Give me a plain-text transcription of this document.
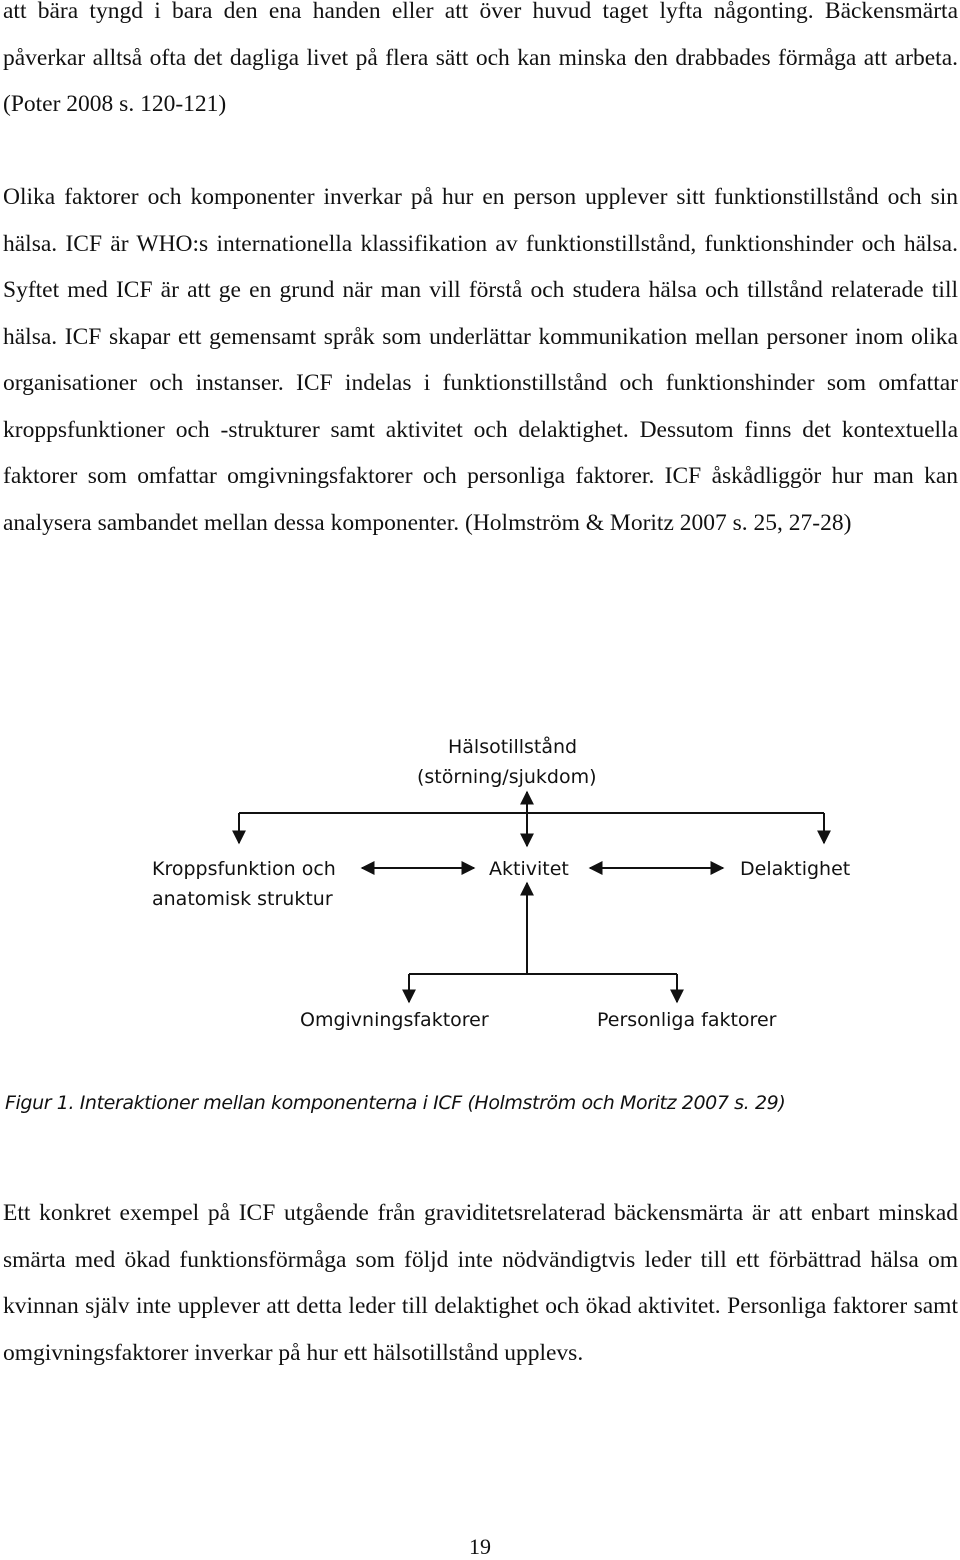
att bära tyngd i bara den ena handen eller att över huvud taget lyfta någonting. Bäckensmärta påverkar alltså ofta det dagliga livet på flera sätt och kan minska den drabbades förmåga att arbeta. (Poter 2008 s. 120-121)

Olika faktorer och komponenter inverkar på hur en person upplever sitt funktionstillstånd och sin hälsa. ICF är WHO:s internationella klassifikation av funktionstillstånd, funktionshinder och hälsa. Syftet med ICF är att ge en grund när man vill förstå och studera hälsa och tillstånd relaterade till hälsa. ICF skapar ett gemensamt språk som underlättar kommunikation mellan personer inom olika organisationer och instanser. ICF indelas i funktionstillstånd och funktionshinder som omfattar kroppsfunktioner och -strukturer samt aktivitet och delaktighet. Dessutom finns det kontextuella faktorer som omfattar omgivningsfaktorer och personliga faktorer. ICF åskådliggör hur man kan analysera sambandet mellan dessa komponenter. (Holmström & Moritz 2007 s. 25, 27-28)

Hälsotillstånd
(störning/sjukdom)
Kroppsfunktion och
anatomisk struktur
Aktivitet	Delaktighet
Omgivningsfaktorer	Personliga faktorer
Figur 1. Interaktioner mellan komponenterna i ICF (Holmström och Moritz 2007 s. 29)

Ett konkret exempel på ICF utgående från graviditetsrelaterad bäckensmärta är att enbart minskad smärta med ökad funktionsförmåga som följd inte nödvändigtvis leder till ett förbättrad hälsa om kvinnan själv inte upplever att detta leder till delaktighet och ökad aktivitet. Personliga faktorer samt omgivningsfaktorer inverkar på hur ett hälsotillstånd upplevs.

19
